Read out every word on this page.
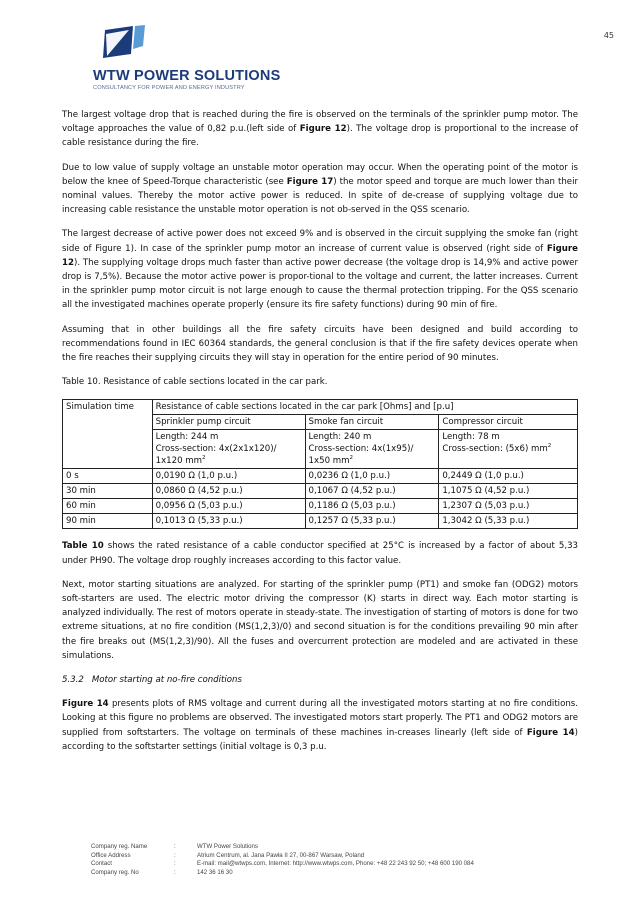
45
WTW POWER SOLUTIONS
CONSULTANCY FOR POWER AND ENERGY INDUSTRY

The largest voltage drop that is reached during the fire is observed on the terminals of the sprinkler pump motor. The voltage approaches the value of 0,82 p.u.(left side of Figure 12). The voltage drop is proportional to the increase of cable resistance during the fire.

Due to low value of supply voltage an unstable motor operation may occur. When the operating point of the motor is below the knee of Speed-Torque characteristic (see Figure 17) the motor speed and torque are much lower than their nominal values. Thereby the motor active power is reduced. In spite of de-crease of supplying voltage due to increasing cable resistance the unstable motor operation is not ob-served in the QSS scenario.

The largest decrease of active power does not exceed 9% and is observed in the circuit supplying the smoke fan (right side of Figure 1). In case of the sprinkler pump motor an increase of current value is observed (right side of Figure 12). The supplying voltage drops much faster than active power decrease (the voltage drop is 14,9% and active power drop is 7,5%). Because the motor active power is propor-tional to the voltage and current, the latter increases. Current in the sprinkler pump motor circuit is not large enough to cause the thermal protection tripping. For the QSS scenario all the investigated machines operate properly (ensure its fire safety functions) during 90 min of fire.

Assuming that in other buildings all the fire safety circuits have been designed and build according to recommendations found in IEC 60364 standards, the general conclusion is that if the fire safety devices operate when the fire reaches their supplying circuits they will stay in operation for the entire period of 90 minutes.

Table 10. Resistance of cable sections located in the car park.

Simulation time	Resistance of cable sections located in the car park [Ohms] and [p.u]		
	Sprinkler pump circuit	Smoke fan circuit	Compressor circuit
	Length: 244 m
Cross-section: 4x(2x1x120)/
1x120 $mm^2$	Length: 240 m
Cross-section: 4x(1x95)/
1x50 $mm^2$	Length: 78 m
Cross-section: (5x6) $mm^2$
0 s	0,0190 Ω (1,0 p.u.)	0,0236 Ω (1,0 p.u.)	0,2449 Ω (1,0 p.u.)
30 min	0,0860 Ω (4,52 p.u.)	0,1067 Ω (4,52 p.u.)	1,1075 Ω (4,52 p.u.)
60 min	0,0956 Ω (5,03 p.u.)	0,1186 Ω (5,03 p.u.)	1,2307 Ω (5,03 p.u.)
90 min	0,1013 Ω (5,33 p.u.)	0,1257 Ω (5,33 p.u.)	1,3042 Ω (5,33 p.u.)

Table 10 shows the rated resistance of a cable conductor specified at 25°C is increased by a factor of about 5,33 under PH90. The voltage drop roughly increases according to this factor value.

Next, motor starting situations are analyzed. For starting of the sprinkler pump (PT1) and smoke fan (ODG2) motors soft-starters are used. The electric motor driving the compressor (K) starts in direct way. Each motor starting is analyzed individually. The rest of motors operate in steady-state. The investigation of starting of motors is done for two extreme situations, at no fire condition (MS(1,2,3)/0) and second situation is for the conditions prevailing 90 min after the fire breaks out (MS(1,2,3)/90). All the fuses and overcurrent protection are modeled and are activated in these simulations.

5.3.2 Motor starting at no-fire conditions

Figure 14 presents plots of RMS voltage and current during all the investigated motors starting at no fire conditions. Looking at this figure no problems are observed. The investigated motors start properly. The PT1 and ODG2 motors are supplied from softstarters. The voltage on terminals of these machines in-creases linearly (left side of Figure 14) according to the softstarter settings (initial voltage is 0,3 p.u.

Company reg. Name	:	WTW Power Solutions
Office Address	:	Atrium Centrum, al. Jana Pawła II 27, 00-867 Warsaw, Poland
Contact	:	E-mail: mail@wtwps.com, Internet: http://www.wtwps.com, Phone: +48 22 243 92 50; +48 600 190 084
Company reg. No	:	142 36 16 30
